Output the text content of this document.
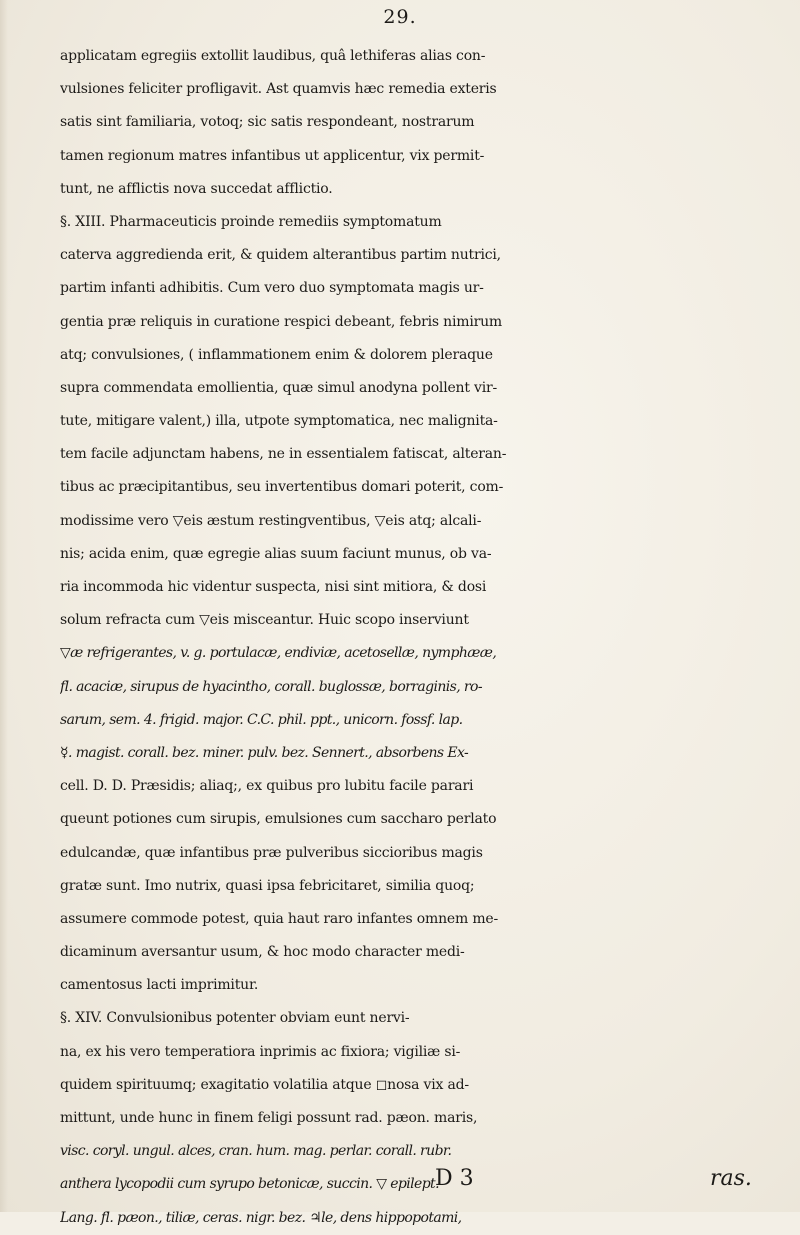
29.
applicatam egregiis extollit laudibus, quâ lethiferas alias con-
vulsiones feliciter profligavit. Ast quamvis hæc remedia exteris
satis sint familiaria, votoq; sic satis respondeant, nostrarum
tamen regionum matres infantibus ut applicentur, vix permit-
tunt, ne afflictis nova succedat afflictio.
§. XIII. Pharmaceuticis proinde remediis symptomatum
caterva aggredienda erit, & quidem alterantibus partim nutrici,
partim infanti adhibitis. Cum vero duo symptomata magis ur-
gentia præ reliquis in curatione respici debeant, febris nimirum
atq; convulsiones, ( inflammationem enim & dolorem pleraque
supra commendata emollientia, quæ simul anodyna pollent vir-
tute, mitigare valent,) illa, utpote symptomatica, nec malignita-
tem facile adjunctam habens, ne in essentialem fatiscat, alteran-
tibus ac præcipitantibus, seu invertentibus domari poterit, com-
modissime vero ▽eis æstum restingventibus, ▽eis atq; alcali-
nis; acida enim, quæ egregie alias suum faciunt munus, ob va-
ria incommoda hic videntur suspecta, nisi sint mitiora, & dosi
solum refracta cum ▽eis misceantur. Huic scopo inserviunt
▽æ refrigerantes, v. g. portulacæ, endiviæ, acetosellæ, nymphææ,
fl. acaciæ, sirupus de hyacintho, corall. buglossæ, borraginis, ro-
sarum, sem. 4. frigid. major. C.C. phil. ppt., unicorn. fossf. lap.
☿. magist. corall. bez. miner. pulv. bez. Sennert., absorbens Ex-
cell. D. D. Præsidis; aliaq;, ex quibus pro lubitu facile parari
queunt potiones cum sirupis, emulsiones cum saccharo perlato
edulcandæ, quæ infantibus præ pulveribus siccioribus magis
gratæ sunt. Imo nutrix, quasi ipsa febricitaret, similia quoq;
assumere commode potest, quia haut raro infantes omnem me-
dicaminum aversantur usum, & hoc modo character medi-
camentosus lacti imprimitur.
§. XIV. Convulsionibus potenter obviam eunt nervi-
na, ex his vero temperatiora inprimis ac fixiora; vigiliæ si-
quidem spirituumq; exagitatio volatilia atque ◻nosa vix ad-
mittunt, unde hunc in finem feligi possunt rad. pæon. maris,
visc. coryl. ungul. alces, cran. hum. mag. perlar. corall. rubr.
anthera lycopodii cum syrupo betonicæ, succin. ▽ epilept.
Lang. fl. pæon., tiliæ, ceras. nigr. bez. ♃le, dens hippopotami,
D 3	ras.
